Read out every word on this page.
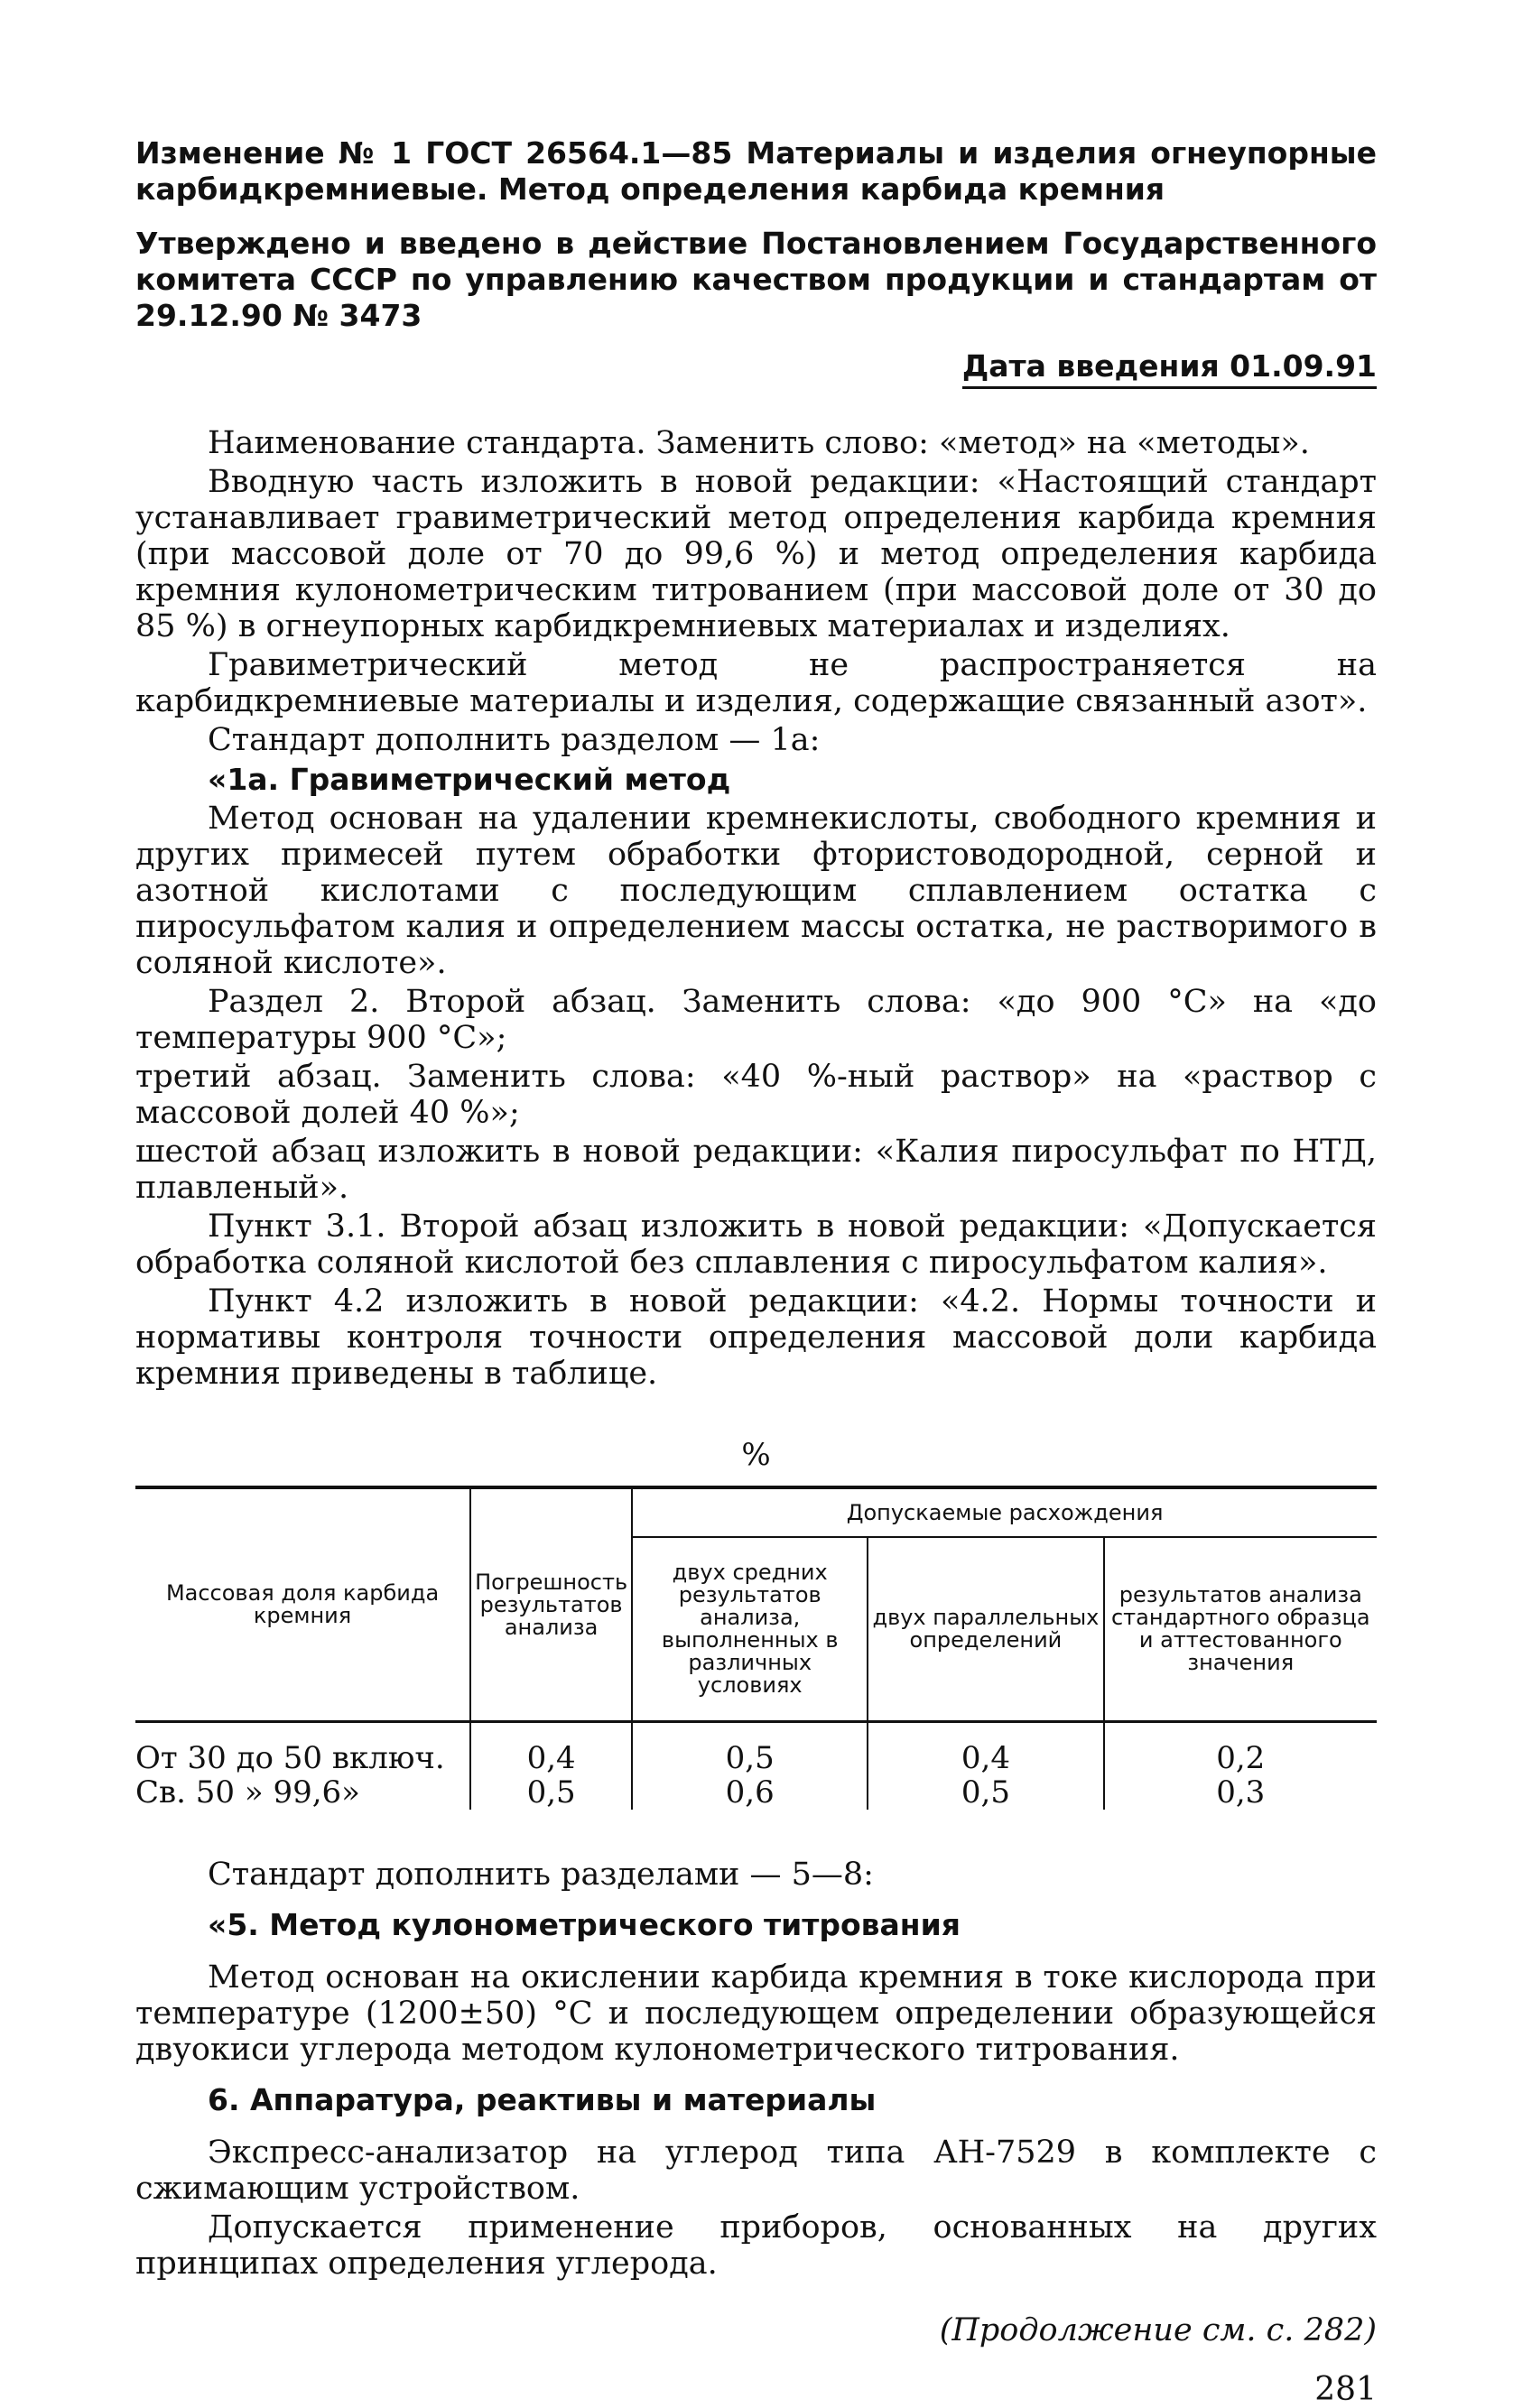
Изменение № 1 ГОСТ 26564.1—85 Материалы и изделия огнеупорные карбидкремниевые. Метод определения карбида кремния
Утверждено и введено в действие Постановлением Государственного комитета СССР по управлению качеством продукции и стандартам от 29.12.90 № 3473
Дата введения 01.09.91

Наименование стандарта. Заменить слово: «метод» на «методы».

Вводную часть изложить в новой редакции: «Настоящий стандарт устанавливает гравиметрический метод определения карбида кремния (при массовой доле от 70 до 99,6 %) и метод определения карбида кремния кулонометрическим титрованием (при массовой доле от 30 до 85 %) в огнеупорных карбидкремниевых материалах и изделиях.

Гравиметрический метод не распространяется на карбидкремниевые материалы и изделия, содержащие связанный азот».

Стандарт дополнить разделом — 1а:

«1а. Гравиметрический метод

Метод основан на удалении кремнекислоты, свободного кремния и других примесей путем обработки фтористоводородной, серной и азотной кислотами с последующим сплавлением остатка с пиросульфатом калия и определением массы остатка, не растворимого в соляной кислоте».

Раздел 2. Второй абзац. Заменить слова: «до 900 °С» на «до температуры 900 °С»;

третий абзац. Заменить слова: «40 %-ный раствор» на «раствор с массовой долей 40 %»;

шестой абзац изложить в новой редакции: «Калия пиросульфат по НТД, плавленый».

Пункт 3.1. Второй абзац изложить в новой редакции: «Допускается обработка соляной кислотой без сплавления с пиросульфатом калия».

Пункт 4.2 изложить в новой редакции: «4.2. Нормы точности и нормативы контроля точности определения массовой доли карбида кремния приведены в таблице.

%
Массовая доля карбида кремния	Погрешность результатов анализа	Допускаемые расхождения		
		двух средних результатов анализа, выполненных в различных условиях	двух параллельных определений	результатов анализа стандартного образца и аттестованного значения
От 30 до 50 включ.	0,4	0,5	0,4	0,2
Св. 50 » 99,6»	0,5	0,6	0,5	0,3

Стандарт дополнить разделами — 5—8:

«5. Метод кулонометрического титрования

Метод основан на окислении карбида кремния в токе кислорода при температуре (1200±50) °С и последующем определении образующейся двуокиси углерода методом кулонометрического титрования.

6. Аппаратура, реактивы и материалы

Экспресс-анализатор на углерод типа АН-7529 в комплекте с сжимающим устройством.

Допускается применение приборов, основанных на других принципах определения углерода.

(Продолжение см. с. 282)
281
